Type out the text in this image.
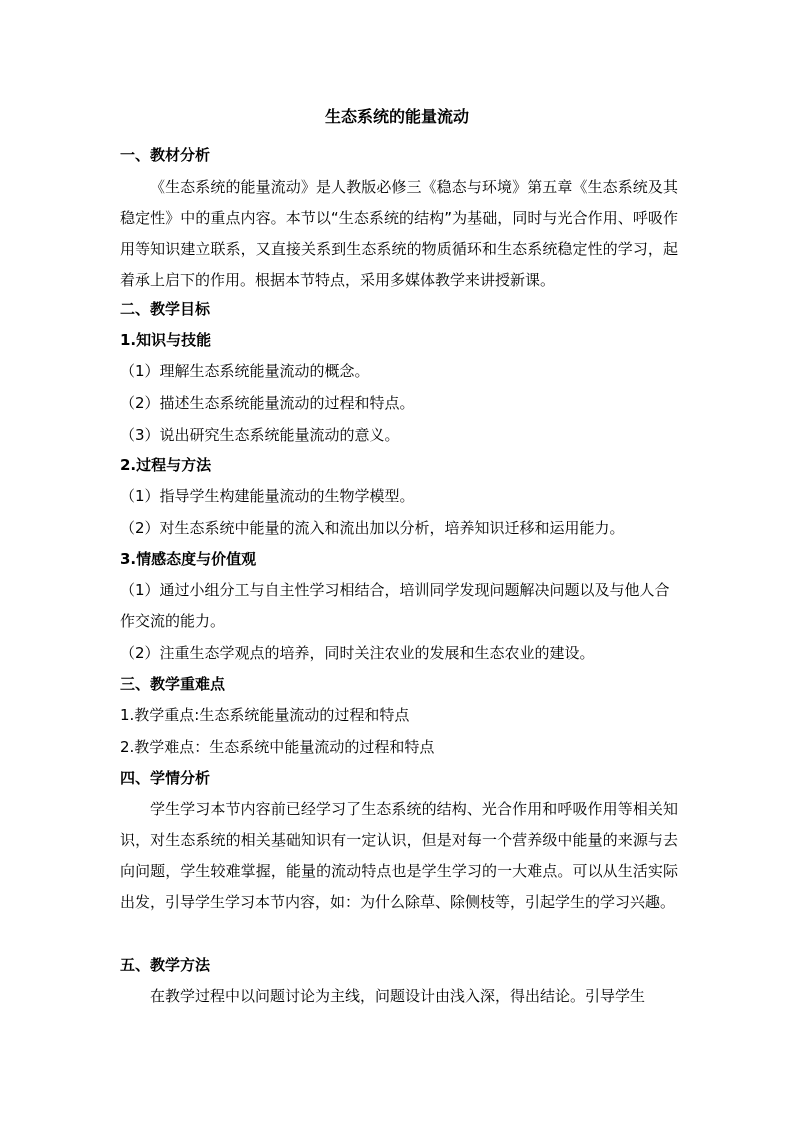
生态系统的能量流动
一、教材分析

《生态系统的能量流动》是人教版必修三《稳态与环境》第五章《生态系统及其稳定性》中的重点内容。本节以“生态系统的结构”为基础，同时与光合作用、呼吸作用等知识建立联系，又直接关系到生态系统的物质循环和生态系统稳定性的学习，起着承上启下的作用。根据本节特点，采用多媒体教学来讲授新课。

二、教学目标
1.知识与技能
（1）理解生态系统能量流动的概念。
（2）描述生态系统能量流动的过程和特点。
（3）说出研究生态系统能量流动的意义。
2.过程与方法
（1）指导学生构建能量流动的生物学模型。
（2）对生态系统中能量的流入和流出加以分析，培养知识迁移和运用能力。
3.情感态度与价值观

（1）通过小组分工与自主性学习相结合，培训同学发现问题解决问题以及与他人合作交流的能力。

（2）注重生态学观点的培养，同时关注农业的发展和生态农业的建设。
三、教学重难点
1.教学重点:生态系统能量流动的过程和特点
2.教学难点：生态系统中能量流动的过程和特点
四、学情分析

学生学习本节内容前已经学习了生态系统的结构、光合作用和呼吸作用等相关知识，对生态系统的相关基础知识有一定认识，但是对每一个营养级中能量的来源与去向问题，学生较难掌握，能量的流动特点也是学生学习的一大难点。可以从生活实际出发，引导学生学习本节内容，如：为什么除草、除侧枝等，引起学生的学习兴趣。

五、教学方法

在教学过程中以问题讨论为主线，问题设计由浅入深，得出结论。引导学生
